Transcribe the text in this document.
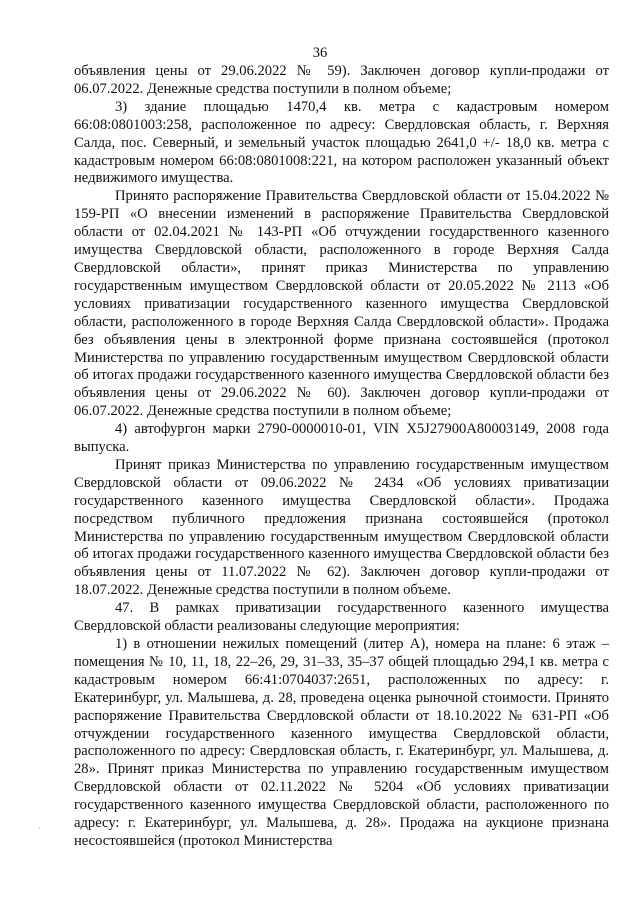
36

объявления цены от 29.06.2022 № 59). Заключен договор купли-продажи от 06.07.2022. Денежные средства поступили в полном объеме;

3) здание площадью 1470,4 кв. метра с кадастровым номером 66:08:0801003:258, расположенное по адресу: Свердловская область, г. Верхняя Салда, пос. Северный, и земельный участок площадью 2641,0 +/- 18,0 кв. метра с кадастровым номером 66:08:0801008:221, на котором расположен указанный объект недвижимого имущества.

Принято распоряжение Правительства Свердловской области от 15.04.2022 № 159-РП «О внесении изменений в распоряжение Правительства Свердловской области от 02.04.2021 № 143-РП «Об отчуждении государственного казенного имущества Свердловской области, расположенного в городе Верхняя Салда Свердловской области», принят приказ Министерства по управлению государственным имуществом Свердловской области от 20.05.2022 № 2113 «Об условиях приватизации государственного казенного имущества Свердловской области, расположенного в городе Верхняя Салда Свердловской области». Продажа без объявления цены в электронной форме признана состоявшейся (протокол Министерства по управлению государственным имуществом Свердловской области об итогах продажи государственного казенного имущества Свердловской области без объявления цены от 29.06.2022 № 60). Заключен договор купли-продажи от 06.07.2022. Денежные средства поступили в полном объеме;

4) автофургон марки 2790-0000010-01, VIN X5J27900A80003149, 2008 года выпуска.

Принят приказ Министерства по управлению государственным имуществом Свердловской области от 09.06.2022 № 2434 «Об условиях приватизации государственного казенного имущества Свердловской области». Продажа посредством публичного предложения признана состоявшейся (протокол Министерства по управлению государственным имуществом Свердловской области об итогах продажи государственного казенного имущества Свердловской области без объявления цены от 11.07.2022 № 62). Заключен договор купли-продажи от 18.07.2022. Денежные средства поступили в полном объеме.

47. В рамках приватизации государственного казенного имущества Свердловской области реализованы следующие мероприятия:

1) в отношении нежилых помещений (литер А), номера на плане: 6 этаж – помещения № 10, 11, 18, 22–26, 29, 31–33, 35–37 общей площадью 294,1 кв. метра с кадастровым номером 66:41:0704037:2651, расположенных по адресу: г. Екатеринбург, ул. Малышева, д. 28, проведена оценка рыночной стоимости. Принято распоряжение Правительства Свердловской области от 18.10.2022 № 631-РП «Об отчуждении государственного казенного имущества Свердловской области, расположенного по адресу: Свердловская область, г. Екатеринбург, ул. Малышева, д. 28». Принят приказ Министерства по управлению государственным имуществом Свердловской области от 02.11.2022 № 5204 «Об условиях приватизации государственного казенного имущества Свердловской области, расположенного по адресу: г. Екатеринбург, ул. Малышева, д. 28». Продажа на аукционе признана несостоявшейся (протокол Министерства

·
